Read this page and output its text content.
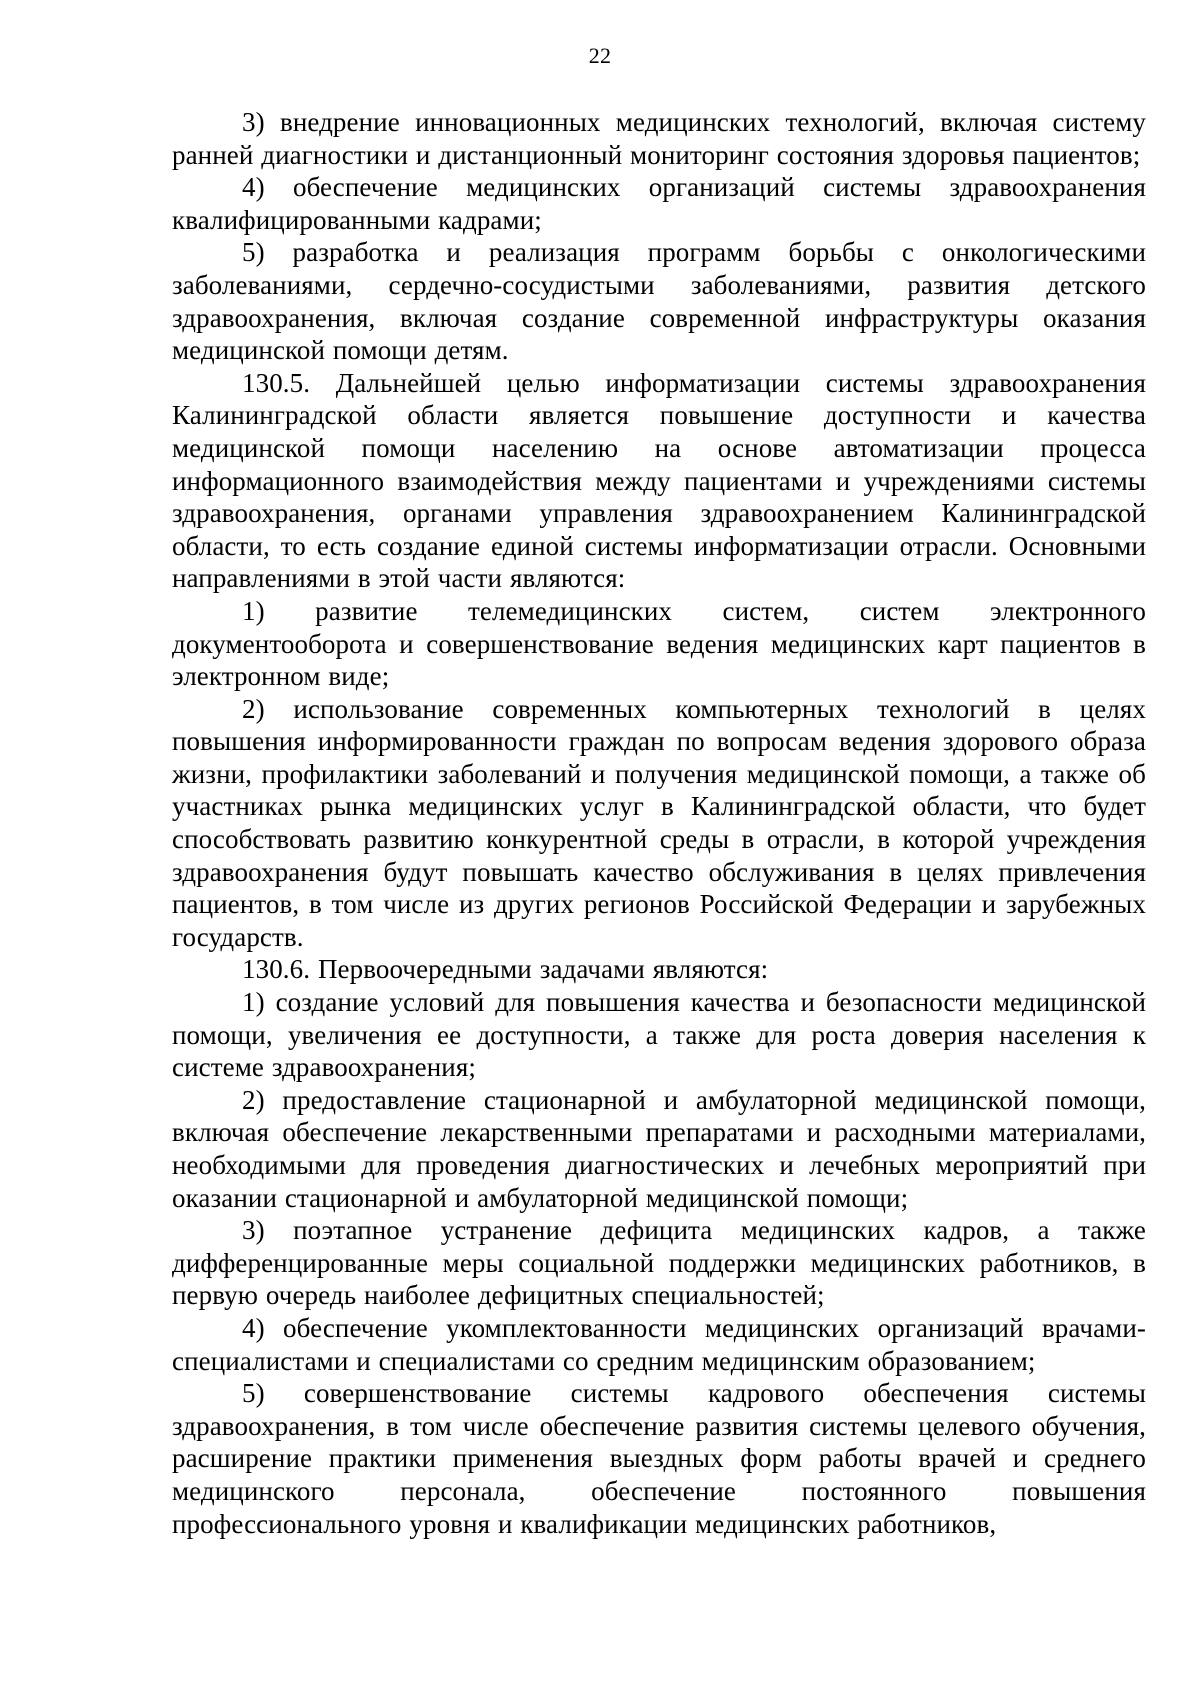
22

3) внедрение инновационных медицинских технологий, включая систему ранней диагностики и дистанционный мониторинг состояния здоровья пациентов;

4) обеспечение медицинских организаций системы здравоохранения квалифицированными кадрами;

5) разработка и реализация программ борьбы с онкологическими заболеваниями, сердечно-сосудистыми заболеваниями, развития детского здравоохранения, включая создание современной инфраструктуры оказания медицинской помощи детям.

130.5. Дальнейшей целью информатизации системы здравоохранения Калининградской области является повышение доступности и качества медицинской помощи населению на основе автоматизации процесса информационного взаимодействия между пациентами и учреждениями системы здравоохранения, органами управления здравоохранением Калининградской области, то есть создание единой системы информатизации отрасли. Основными направлениями в этой части являются:

1) развитие телемедицинских систем, систем электронного документооборота и совершенствование ведения медицинских карт пациентов в электронном виде;

2) использование современных компьютерных технологий в целях повышения информированности граждан по вопросам ведения здорового образа жизни, профилактики заболеваний и получения медицинской помощи, а также об участниках рынка медицинских услуг в Калининградской области, что будет способствовать развитию конкурентной среды в отрасли, в которой учреждения здравоохранения будут повышать качество обслуживания в целях привлечения пациентов, в том числе из других регионов Российской Федерации и зарубежных государств.

130.6. Первоочередными задачами являются:

1) создание условий для повышения качества и безопасности медицинской помощи, увеличения ее доступности, а также для роста доверия населения к системе здравоохранения;

2) предоставление стационарной и амбулаторной медицинской помощи, включая обеспечение лекарственными препаратами и расходными материалами, необходимыми для проведения диагностических и лечебных мероприятий при оказании стационарной и амбулаторной медицинской помощи;

3) поэтапное устранение дефицита медицинских кадров, а также дифференцированные меры социальной поддержки медицинских работников, в первую очередь наиболее дефицитных специальностей;

4) обеспечение укомплектованности медицинских организаций врачами-специалистами и специалистами со средним медицинским образованием;

5) совершенствование системы кадрового обеспечения системы здравоохранения, в том числе обеспечение развития системы целевого обучения, расширение практики применения выездных форм работы врачей и среднего медицинского персонала, обеспечение постоянного повышения профессионального уровня и квалификации медицинских работников,
